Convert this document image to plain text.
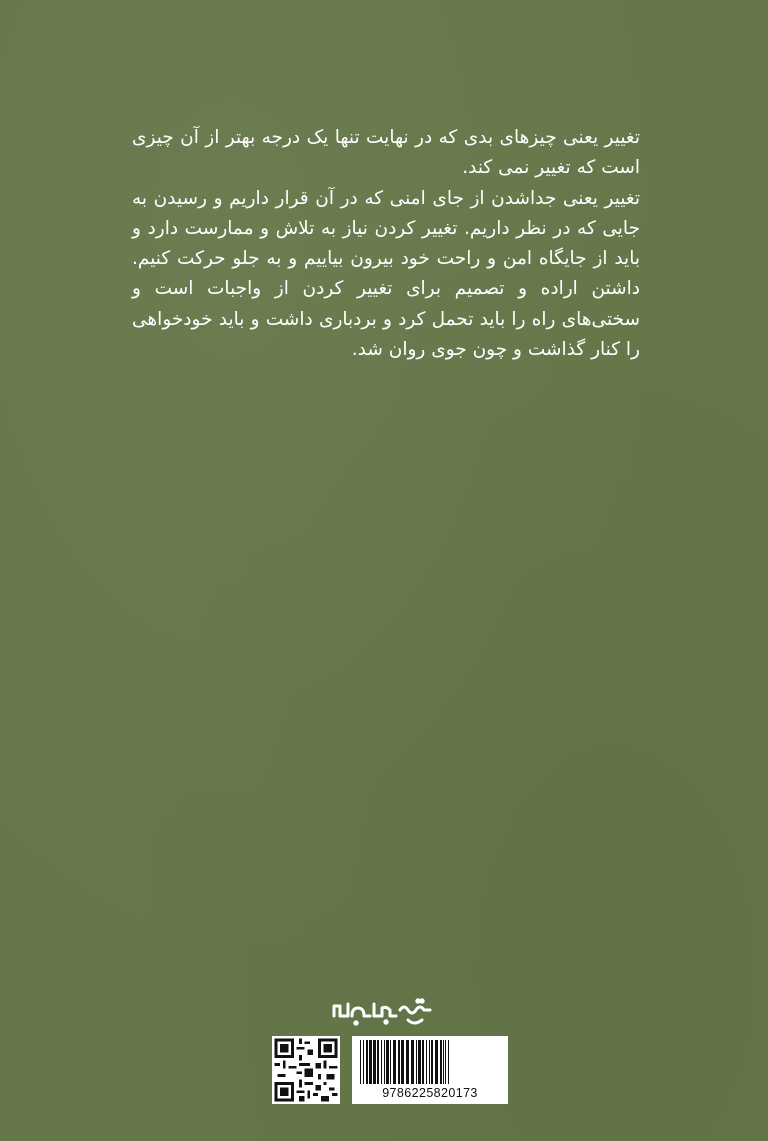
تغییر یعنی چیزهای بدی که در نهایت تنها یک درجه بهتر از آن چیزی است که تغییر نمی کند.

تغییر یعنی جداشدن از جای امنی که در آن قرار داریم و رسیدن به جایی که در نظر داریم. تغییر کردن نیاز به تلاش و ممارست دارد و باید از جایگاه امن و راحت خود بیرون بیاییم و به جلو حرکت کنیم. داشتن اراده و تصمیم برای تغییر کردن از واجبات است و سختی‌های راه را باید تحمل کرد و بردباری داشت و باید خودخواهی را کنار گذاشت و چون جوی روان شد.

9786225820173
